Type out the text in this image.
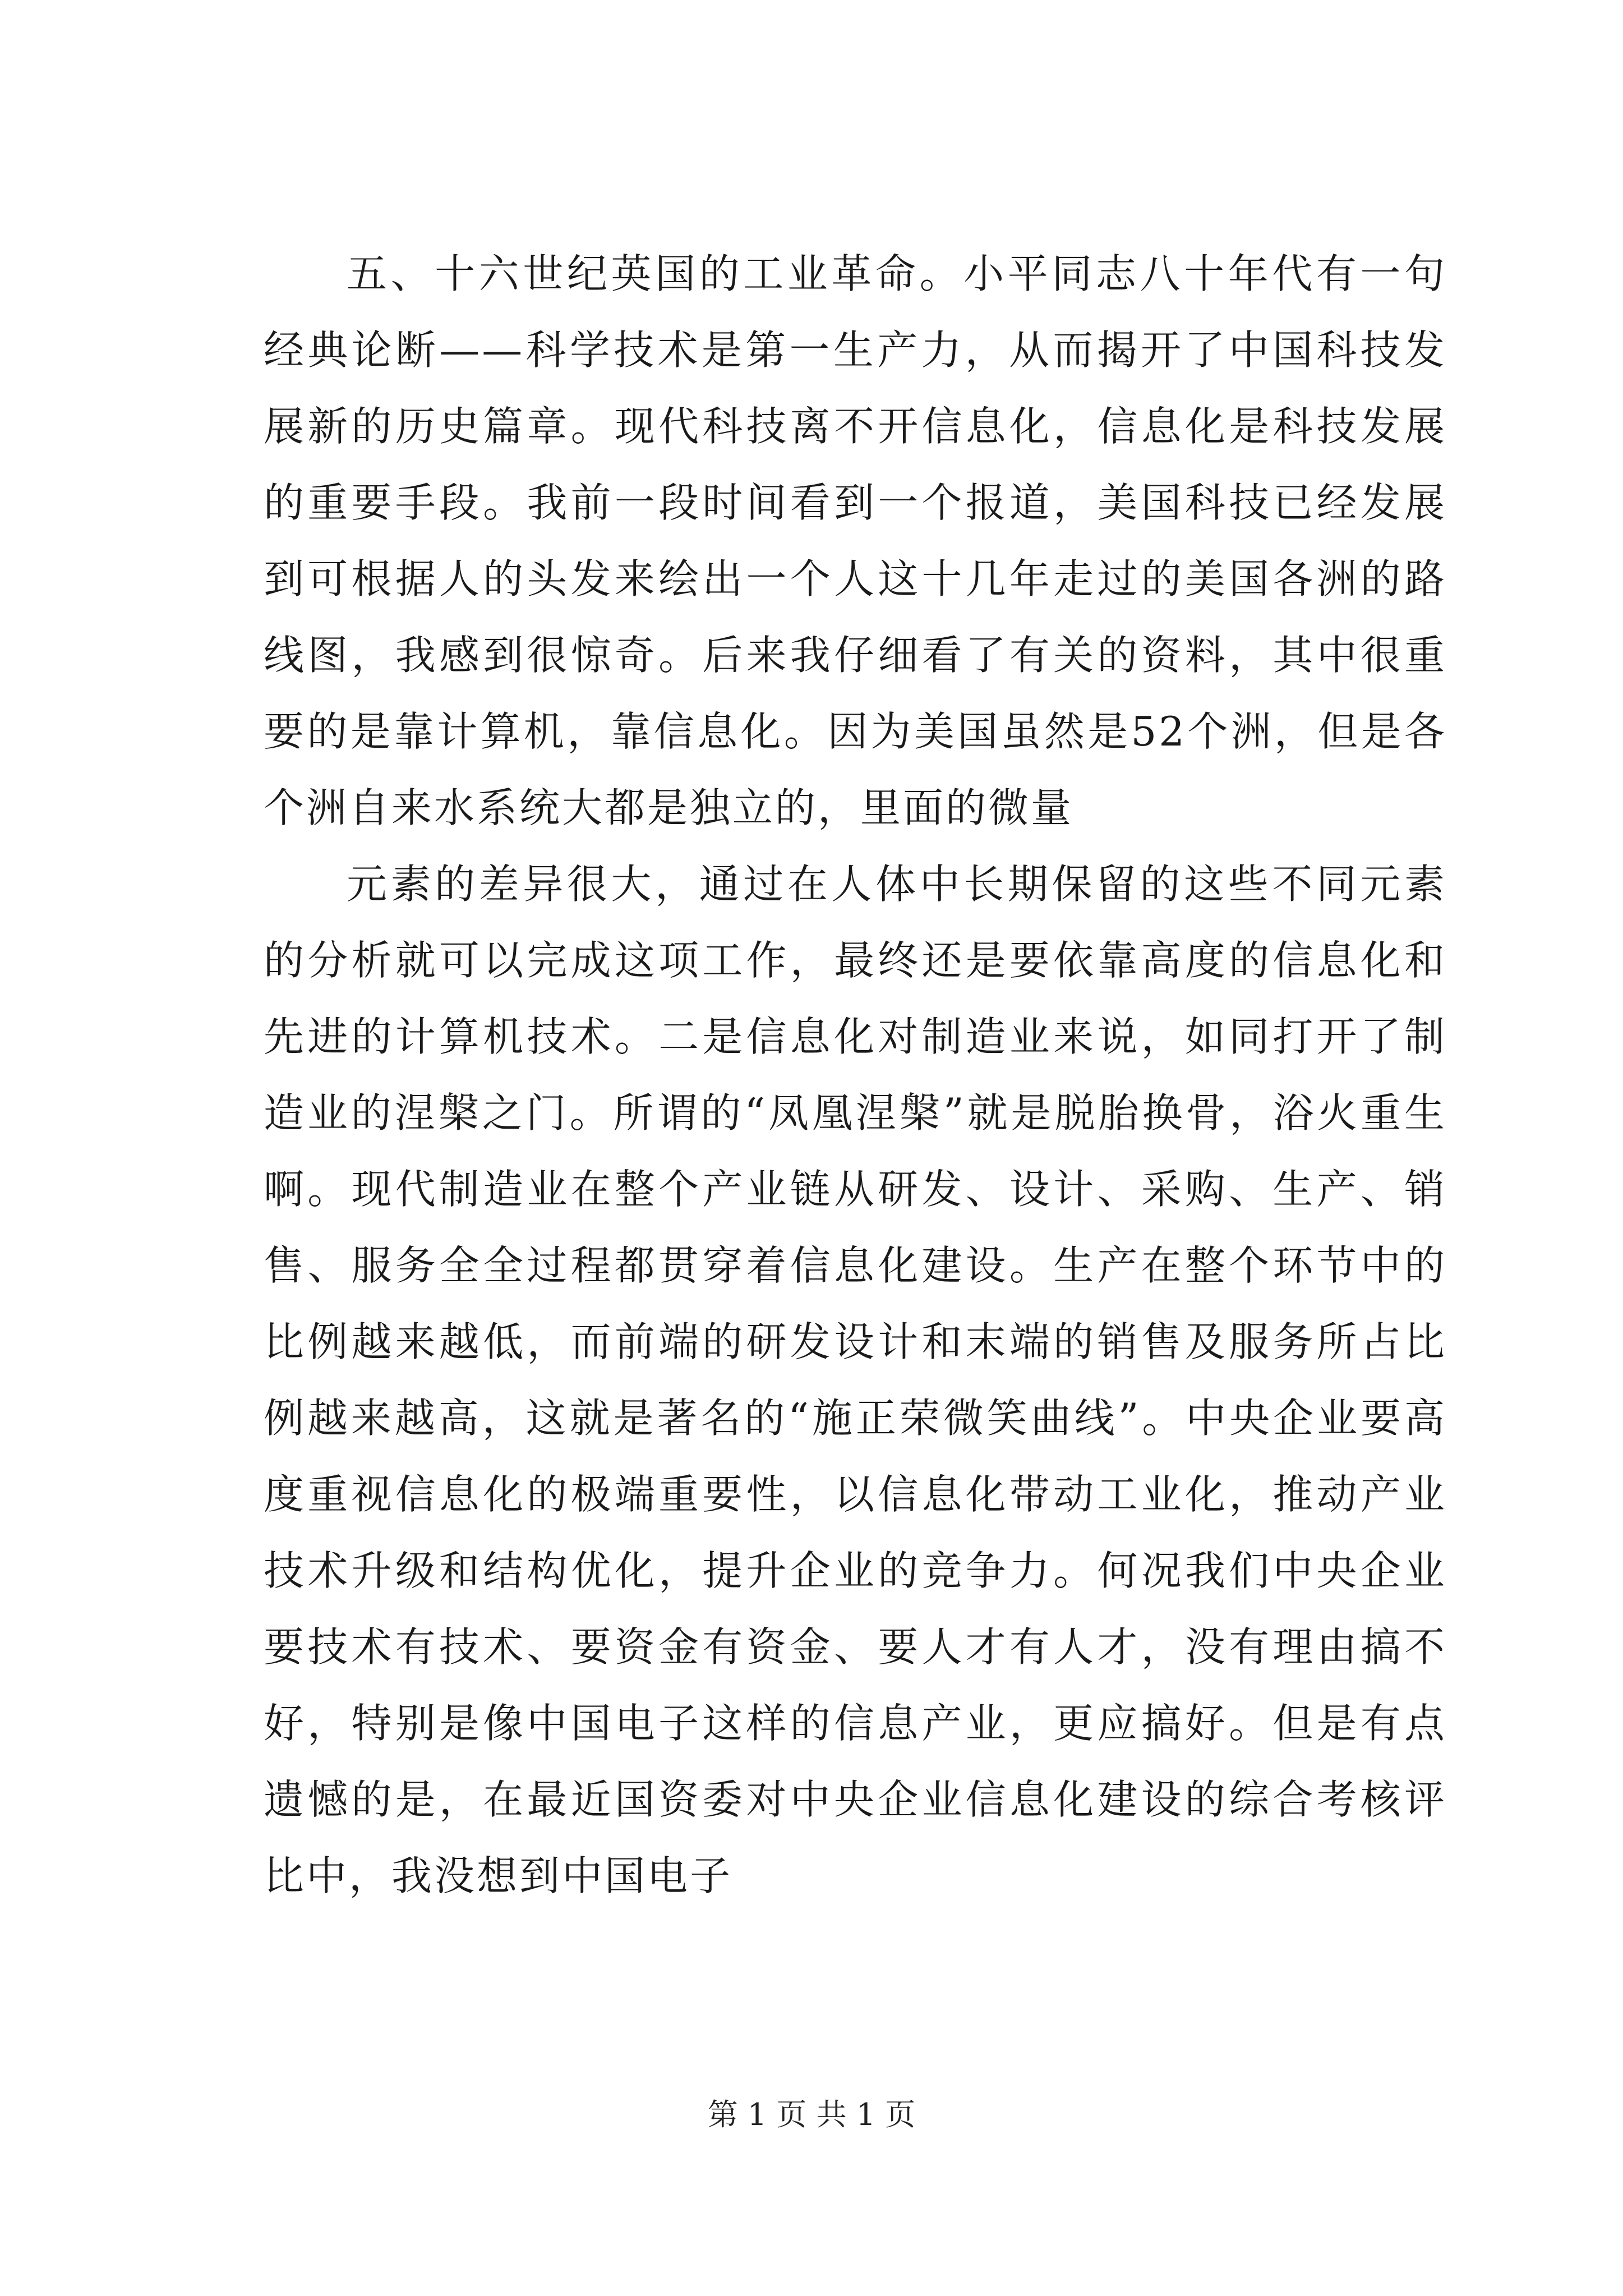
五、十六世纪英国的工业革命。小平同志八十年代有一句经典论断——科学技术是第一生产力，从而揭开了中国科技发展新的历史篇章。现代科技离不开信息化，信息化是科技发展的重要手段。我前一段时间看到一个报道，美国科技已经发展到可根据人的头发来绘出一个人这十几年走过的美国各洲的路线图，我感到很惊奇。后来我仔细看了有关的资料，其中很重要的是靠计算机，靠信息化。因为美国虽然是52个洲，但是各个洲自来水系统大都是独立的，里面的微量

元素的差异很大，通过在人体中长期保留的这些不同元素的分析就可以完成这项工作，最终还是要依靠高度的信息化和先进的计算机技术。二是信息化对制造业来说，如同打开了制造业的涅槃之门。所谓的“凤凰涅槃”就是脱胎换骨，浴火重生啊。现代制造业在整个产业链从研发、设计、采购、生产、销售、服务全全过程都贯穿着信息化建设。生产在整个环节中的比例越来越低，而前端的研发设计和末端的销售及服务所占比例越来越高，这就是著名的“施正荣微笑曲线”。中央企业要高度重视信息化的极端重要性，以信息化带动工业化，推动产业技术升级和结构优化，提升企业的竞争力。何况我们中央企业要技术有技术、要资金有资金、要人才有人才，没有理由搞不好，特别是像中国电子这样的信息产业，更应搞好。但是有点遗憾的是，在最近国资委对中央企业信息化建设的综合考核评比中，我没想到中国电子

第 1 页 共 1 页
